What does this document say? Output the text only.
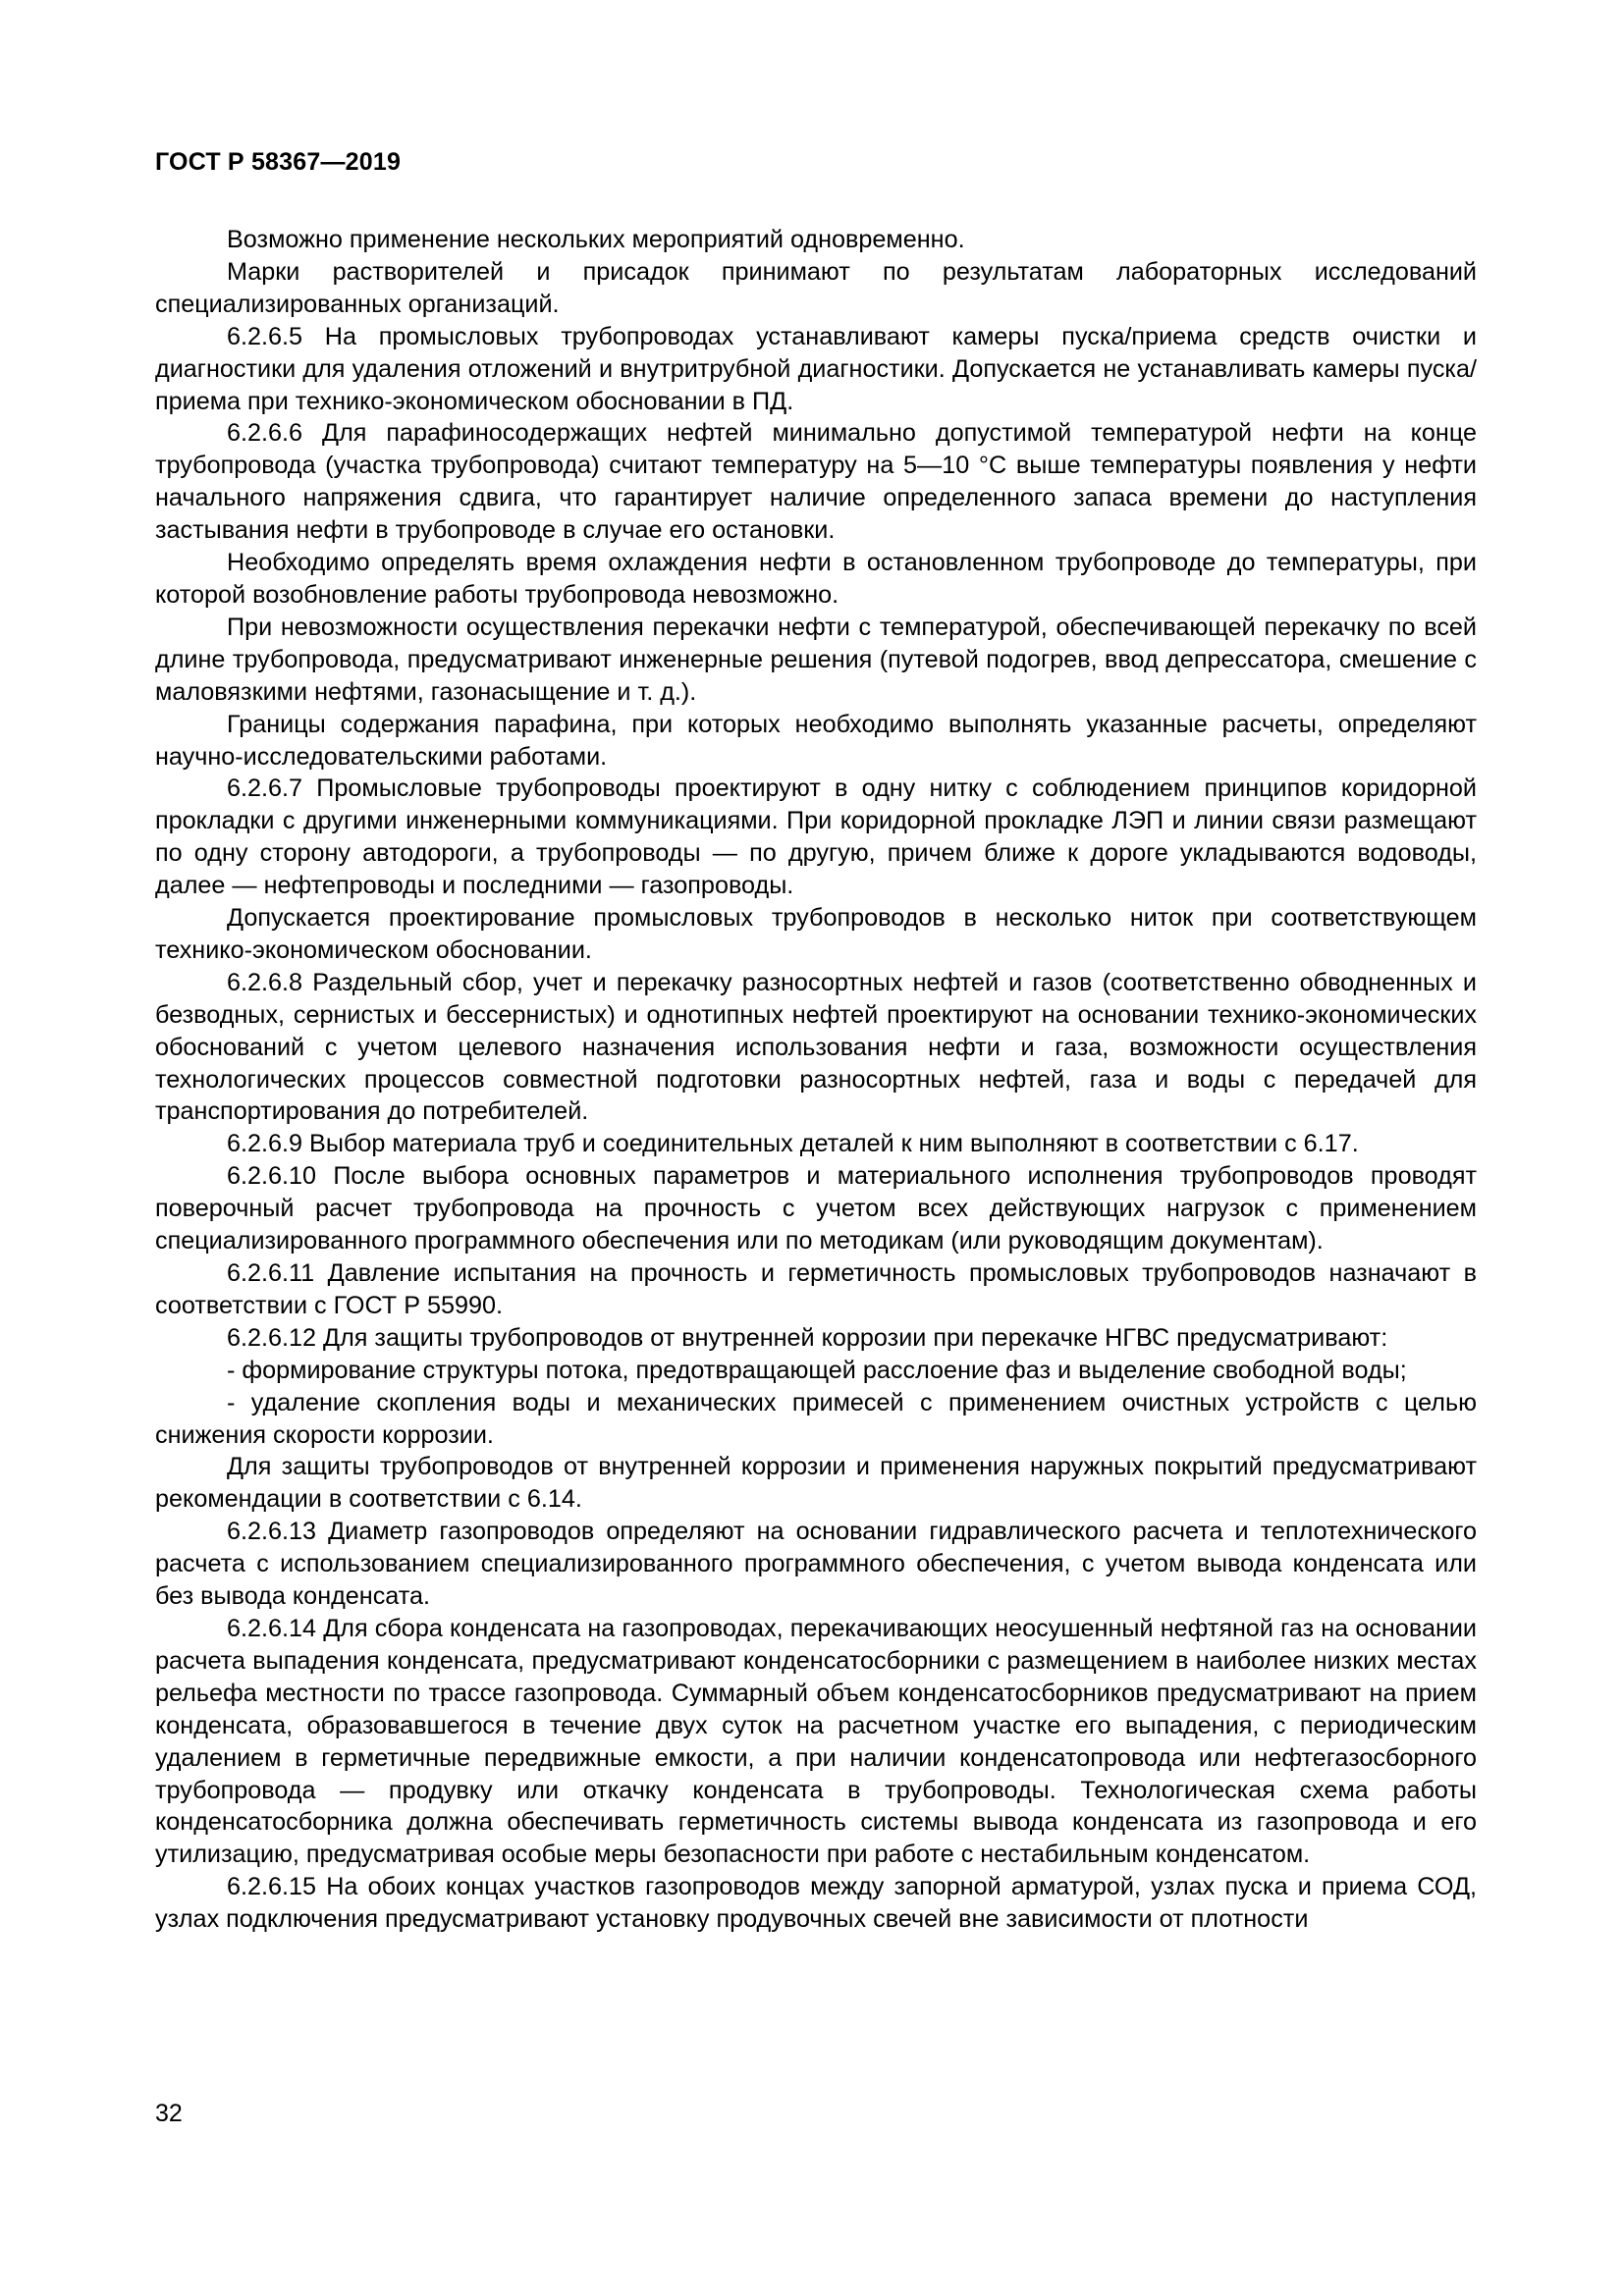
ГОСТ Р 58367—2019

Возможно применение нескольких мероприятий одновременно.

Марки растворителей и присадок принимают по результатам лабораторных исследований специализированных организаций.

6.2.6.5 На промысловых трубопроводах устанавливают камеры пуска/приема средств очистки и диагностики для удаления отложений и внутритрубной диагностики. Допускается не устанавливать камеры пуска/приема при технико-экономическом обосновании в ПД.

6.2.6.6 Для парафиносодержащих нефтей минимально допустимой температурой нефти на конце трубопровода (участка трубопровода) считают температуру на 5—10 °С выше температуры появления у нефти начального напряжения сдвига, что гарантирует наличие определенного запаса времени до наступления застывания нефти в трубопроводе в случае его остановки.

Необходимо определять время охлаждения нефти в остановленном трубопроводе до температуры, при которой возобновление работы трубопровода невозможно.

При невозможности осуществления перекачки нефти с температурой, обеспечивающей перекачку по всей длине трубопровода, предусматривают инженерные решения (путевой подогрев, ввод депрессатора, смешение с маловязкими нефтями, газонасыщение и т. д.).

Границы содержания парафина, при которых необходимо выполнять указанные расчеты, определяют научно-исследовательскими работами.

6.2.6.7 Промысловые трубопроводы проектируют в одну нитку с соблюдением принципов коридорной прокладки с другими инженерными коммуникациями. При коридорной прокладке ЛЭП и линии связи размещают по одну сторону автодороги, а трубопроводы — по другую, причем ближе к дороге укладываются водоводы, далее — нефтепроводы и последними — газопроводы.

Допускается проектирование промысловых трубопроводов в несколько ниток при соответствующем технико-экономическом обосновании.

6.2.6.8 Раздельный сбор, учет и перекачку разносортных нефтей и газов (соответственно обводненных и безводных, сернистых и бессернистых) и однотипных нефтей проектируют на основании технико-экономических обоснований с учетом целевого назначения использования нефти и газа, возможности осуществления технологических процессов совместной подготовки разносортных нефтей, газа и воды с передачей для транспортирования до потребителей.

6.2.6.9 Выбор материала труб и соединительных деталей к ним выполняют в соответствии с 6.17.

6.2.6.10 После выбора основных параметров и материального исполнения трубопроводов проводят поверочный расчет трубопровода на прочность с учетом всех действующих нагрузок с применением специализированного программного обеспечения или по методикам (или руководящим документам).

6.2.6.11 Давление испытания на прочность и герметичность промысловых трубопроводов назначают в соответствии с ГОСТ Р 55990.

6.2.6.12 Для защиты трубопроводов от внутренней коррозии при перекачке НГВС предусматривают:

- формирование структуры потока, предотвращающей расслоение фаз и выделение свободной воды;

- удаление скопления воды и механических примесей с применением очистных устройств с целью снижения скорости коррозии.

Для защиты трубопроводов от внутренней коррозии и применения наружных покрытий предусматривают рекомендации в соответствии с 6.14.

6.2.6.13 Диаметр газопроводов определяют на основании гидравлического расчета и теплотехнического расчета с использованием специализированного программного обеспечения, с учетом вывода конденсата или без вывода конденсата.

6.2.6.14 Для сбора конденсата на газопроводах, перекачивающих неосушенный нефтяной газ на основании расчета выпадения конденсата, предусматривают конденсатосборники с размещением в наиболее низких местах рельефа местности по трассе газопровода. Суммарный объем конденсатосборников предусматривают на прием конденсата, образовавшегося в течение двух суток на расчетном участке его выпадения, с периодическим удалением в герметичные передвижные емкости, а при наличии конденсатопровода или нефтегазосборного трубопровода — продувку или откачку конденсата в трубопроводы. Технологическая схема работы конденсатосборника должна обеспечивать герметичность системы вывода конденсата из газопровода и его утилизацию, предусматривая особые меры безопасности при работе с нестабильным конденсатом.

6.2.6.15 На обоих концах участков газопроводов между запорной арматурой, узлах пуска и приема СОД, узлах подключения предусматривают установку продувочных свечей вне зависимости от плотности

32
